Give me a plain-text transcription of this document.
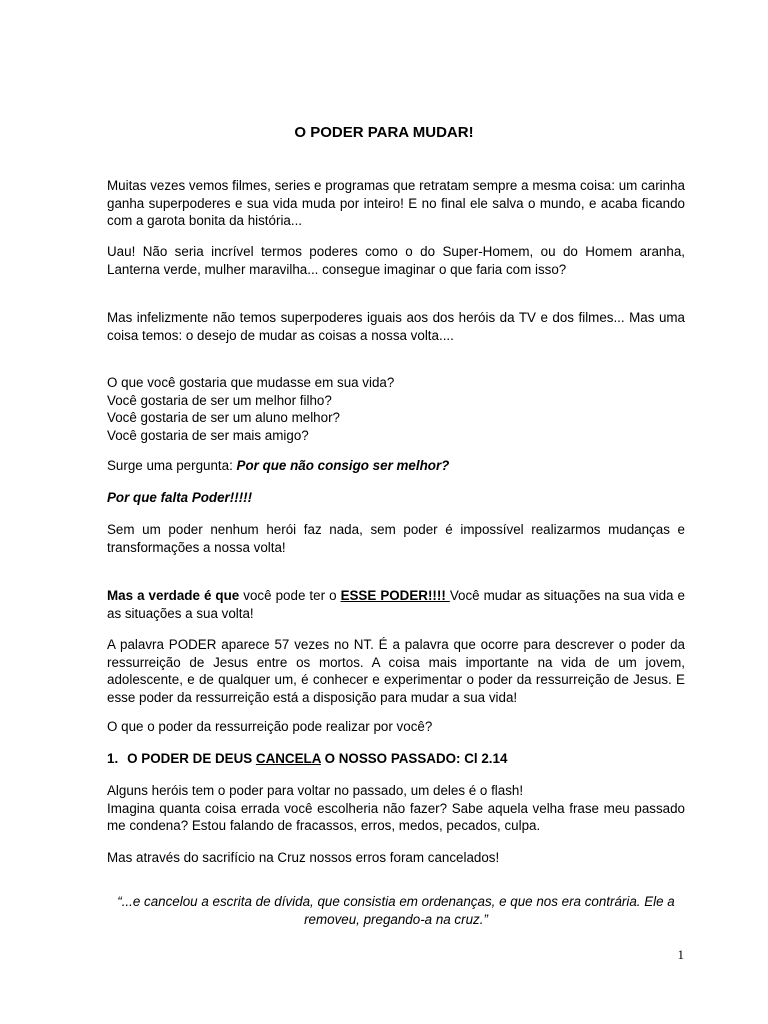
O PODER PARA MUDAR!

Muitas vezes vemos filmes, series e programas que retratam sempre a mesma coisa: um carinha ganha superpoderes e sua vida muda por inteiro! E no final ele salva o mundo, e acaba ficando com a garota bonita da história...

Uau! Não seria incrível termos poderes como o do Super-Homem, ou do Homem aranha, Lanterna verde, mulher maravilha... consegue imaginar o que faria com isso?

Mas infelizmente não temos superpoderes iguais aos dos heróis da TV e dos filmes... Mas uma coisa temos: o desejo de mudar as coisas a nossa volta....

O que você gostaria que mudasse em sua vida?
Você gostaria de ser um melhor filho?
Você gostaria de ser um aluno melhor?
Você gostaria de ser mais amigo?

Surge uma pergunta: Por que não consigo ser melhor?

Por que falta Poder!!!!!

Sem um poder nenhum herói faz nada, sem poder é impossível realizarmos mudanças e transformações a nossa volta!

Mas a verdade é que você pode ter o ESSE PODER!!!! Você mudar as situações na sua vida e as situações a sua volta!

A palavra PODER aparece 57 vezes no NT. É a palavra que ocorre para descrever o poder da ressurreição de Jesus entre os mortos. A coisa mais importante na vida de um jovem, adolescente, e de qualquer um, é conhecer e experimentar o poder da ressurreição de Jesus. E esse poder da ressurreição está a disposição para mudar a sua vida!

O que o poder da ressurreição pode realizar por você?

1. O PODER DE DEUS CANCELA O NOSSO PASSADO: Cl 2.14
Alguns heróis tem o poder para voltar no passado, um deles é o flash!
Imagina quanta coisa errada você escolheria não fazer? Sabe aquela velha frase meu passado me condena? Estou falando de fracassos, erros, medos, pecados, culpa.

Mas através do sacrifício na Cruz nossos erros foram cancelados!

“...e cancelou a escrita de dívida, que consistia em ordenanças, e que nos era contrária. Ele a removeu, pregando-a na cruz.”

1
